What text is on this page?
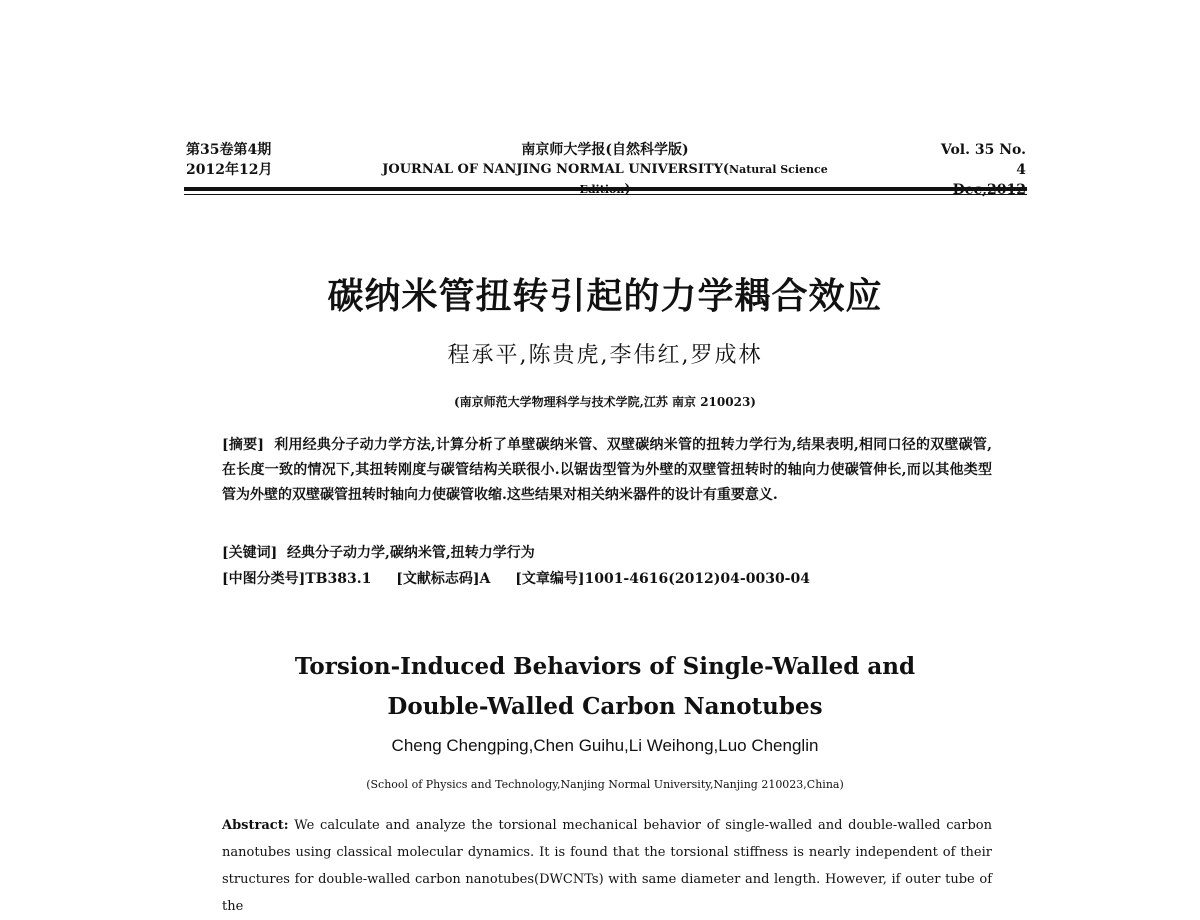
第35卷第4期
2012年12月
南京师大学报(自然科学版)
JOURNAL OF NANJING NORMAL UNIVERSITY(Natural Science
Vol. 35 No. 4
碳纳米管扭转引起的力学耦合效应
程承平,陈贵虎,李伟红,罗成林
(南京师范大学物理科学与技术学院,江苏 南京 210023)
[摘要] 利用经典分子动力学方法,计算分析了单壁碳纳米管、双壁碳纳米管的扭转力学行为,结果表明,相同口径的双壁碳管,在长度一致的情况下,其扭转刚度与碳管结构关联很小.以锯齿型管为外壁的双壁管扭转时的轴向力使碳管伸长,而以其他类型管为外壁的双壁碳管扭转时轴向力使碳管收缩.这些结果对相关纳米器件的设计有重要意义.
[关键词] 经典分子动力学,碳纳米管,扭转力学行为
[中图分类号]TB383.1 [文献标志码]A [文章编号]1001-4616(2012)04-0030-04
Torsion-Induced Behaviors of Single-Walled and
Double-Walled Carbon Nanotubes
Cheng Chengping,Chen Guihu,Li Weihong,Luo Chenglin
(School of Physics and Technology,Nanjing Normal University,Nanjing 210023,China)
Abstract: We calculate and analyze the torsional mechanical behavior of single-walled and double-walled carbon nanotubes using classical molecular dynamics. It is found that the torsional stiffness is nearly independent of their structures for double-walled carbon nanotubes(DWCNTs) with same diameter and length. However, if outer tube of the
